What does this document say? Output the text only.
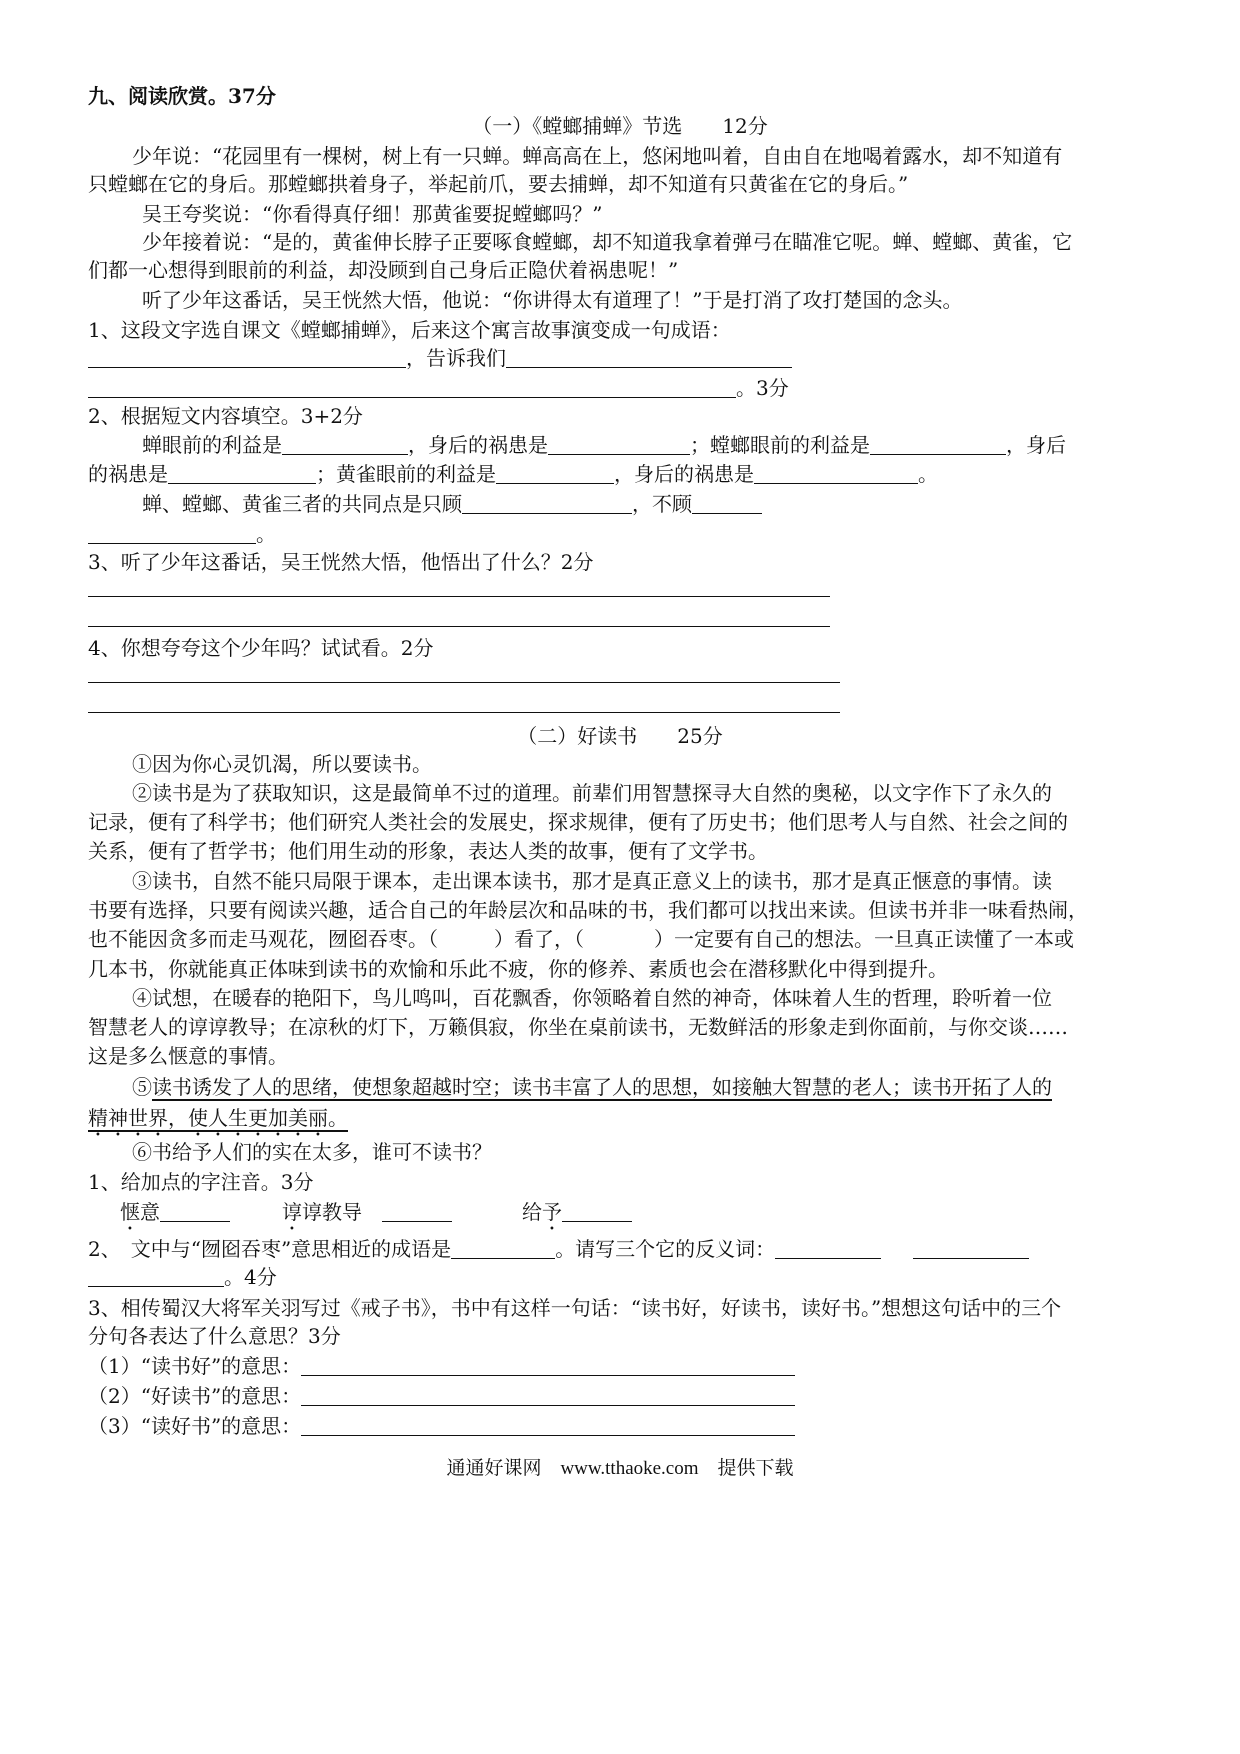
九、阅读欣赏。37分
（一）《螳螂捕蝉》节选　　12分
少年说：“花园里有一棵树，树上有一只蝉。蝉高高在上，悠闲地叫着，自由自在地喝着露水，却不知道有
只螳螂在它的身后。那螳螂拱着身子，举起前爪，要去捕蝉，却不知道有只黄雀在它的身后。”
吴王夸奖说：“你看得真仔细！那黄雀要捉螳螂吗？”
少年接着说：“是的，黄雀伸长脖子正要啄食螳螂，却不知道我拿着弹弓在瞄准它呢。蝉、螳螂、黄雀，它
们都一心想得到眼前的利益，却没顾到自己身后正隐伏着祸患呢！”
听了少年这番话，吴王恍然大悟，他说：“你讲得太有道理了！”于是打消了攻打楚国的念头。
1、这段文字选自课文《螳螂捕蝉》，后来这个寓言故事演变成一句成语：
，告诉我们
。3分
2、根据短文内容填空。3+2分
蝉眼前的利益是	，身后的祸患是	；螳螂眼前的利益是	，身后
的祸患是	；黄雀眼前的利益是	，身后的祸患是	。
蝉、螳螂、黄雀三者的共同点是只顾	，不顾
。
3、听了少年这番话，吴王恍然大悟，他悟出了什么？2分
4、你想夸夸这个少年吗？试试看。2分
（二）好读书　　25分
①因为你心灵饥渴，所以要读书。
②读书是为了获取知识，这是最简单不过的道理。前辈们用智慧探寻大自然的奥秘，以文字作下了永久的
记录，便有了科学书；他们研究人类社会的发展史，探求规律，便有了历史书；他们思考人与自然、社会之间的
关系，便有了哲学书；他们用生动的形象，表达人类的故事，便有了文学书。
③读书，自然不能只局限于课本，走出课本读书，那才是真正意义上的读书，那才是真正惬意的事情。读
书要有选择，只要有阅读兴趣，适合自己的年龄层次和品味的书，我们都可以找出来读。但读书并非一味看热闹，
也不能因贪多而走马观花，囫囵吞枣。（	）看了，（	）一定要有自己的想法。一旦真正读懂了一本或
几本书，你就能真正体味到读书的欢愉和乐此不疲，你的修养、素质也会在潜移默化中得到提升。
④试想，在暖春的艳阳下，鸟儿鸣叫，百花飘香，你领略着自然的神奇，体味着人生的哲理，聆听着一位
智慧老人的谆谆教导；在凉秋的灯下，万籁俱寂，你坐在桌前读书，无数鲜活的形象走到你面前，与你交谈……
这是多么惬意的事情。
⑤读书诱发了人的思绪，使想象超越时空；读书丰富了人的思想，如接触大智慧的老人；读书开拓了人的
精神世界，使人生更加美丽。
⑥书给予人们的实在太多，谁可不读书？
1、给加点的字注音。3分
惬意	谆谆教导	给予
2、　文中与“囫囵吞枣”意思相近的成语是	。请写三个它的反义词：
。4分
3、相传蜀汉大将军关羽写过《戒子书》，书中有这样一句话：“读书好，好读书，读好书。”想想这句话中的三个
分句各表达了什么意思？3分
（1）“读书好”的意思：
（2）“好读书”的意思：
（3）“读好书”的意思：
通通好课网　www.tthaoke.com　提供下载
